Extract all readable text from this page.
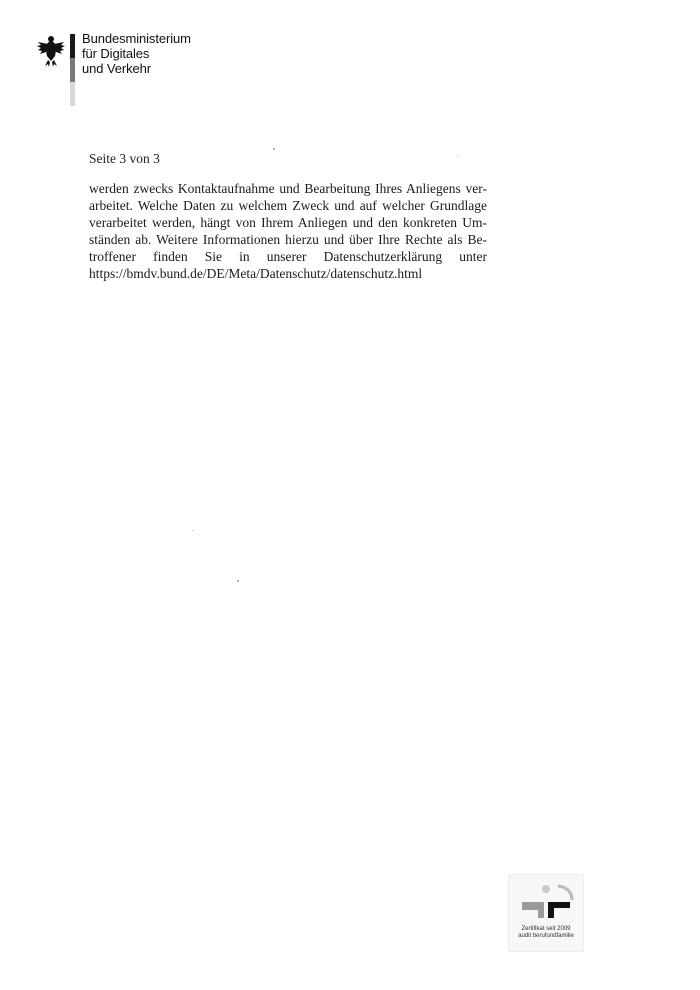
Bundesministerium
für Digitales
und Verkehr
Seite 3 von 3
werden zwecks Kontaktaufnahme und Bearbeitung Ihres Anliegens ver-
arbeitet. Welche Daten zu welchem Zweck und auf welcher Grundlage
verarbeitet werden, hängt von Ihrem Anliegen und den konkreten Um-
ständen ab. Weitere Informationen hierzu und über Ihre Rechte als Be-
troffener finden Sie in unserer Datenschutzerklärung unter
https://bmdv.bund.de/DE/Meta/Datenschutz/datenschutz.html
Zertifikat seit 2009
audit berufundfamilie
